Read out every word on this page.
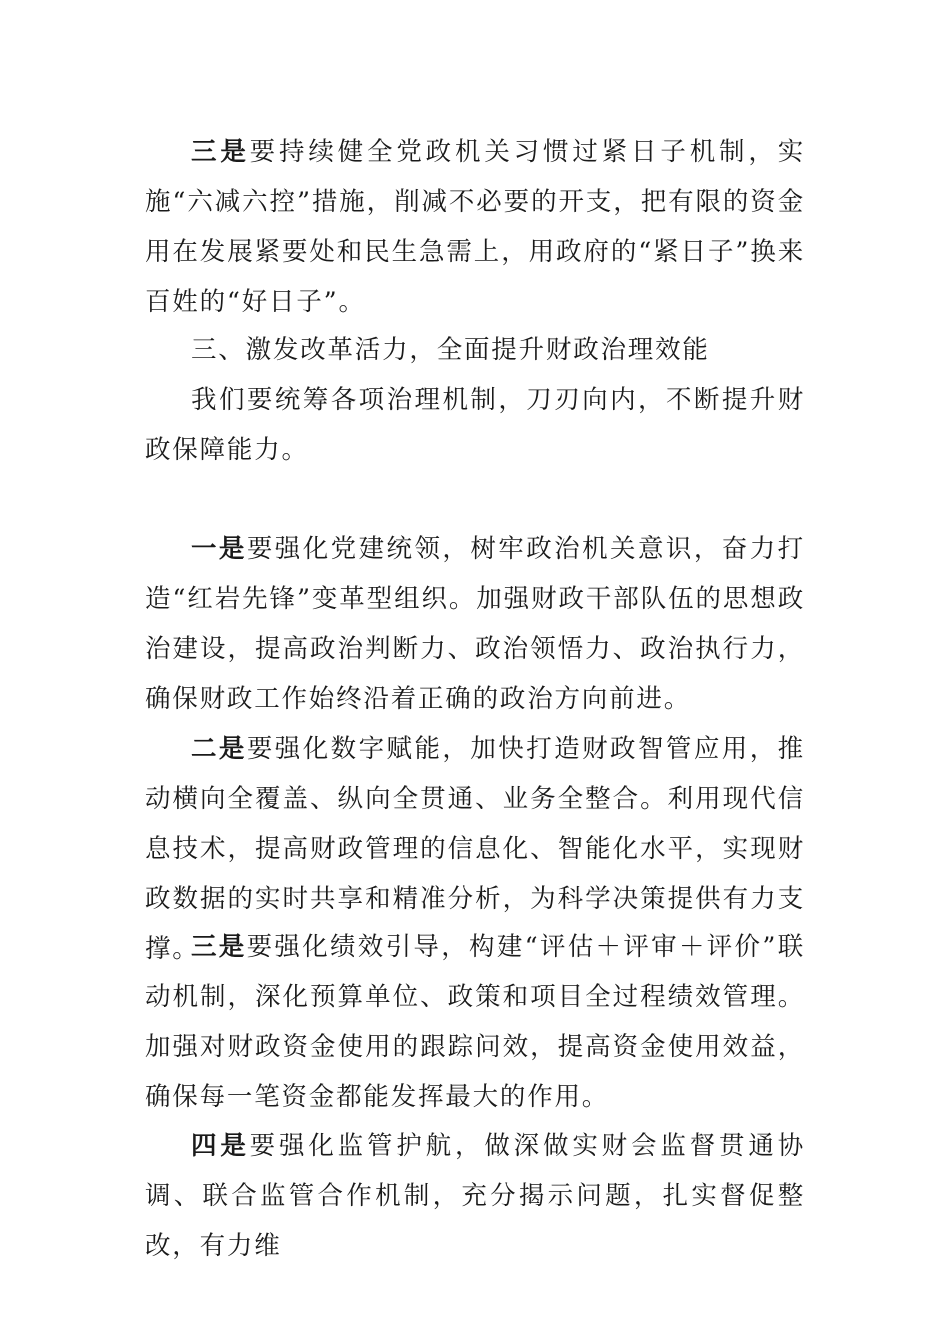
三是要持续健全党政机关习惯过紧日子机制，实施“六减六控”措施，削减不必要的开支，把有限的资金用在发展紧要处和民生急需上，用政府的“紧日子”换来百姓的“好日子”。

三、激发改革活力，全面提升财政治理效能

我们要统筹各项治理机制，刀刃向内，不断提升财政保障能力。

一是要强化党建统领，树牢政治机关意识，奋力打造“红岩先锋”变革型组织。加强财政干部队伍的思想政治建设，提高政治判断力、政治领悟力、政治执行力，确保财政工作始终沿着正确的政治方向前进。

二是要强化数字赋能，加快打造财政智管应用，推动横向全覆盖、纵向全贯通、业务全整合。利用现代信息技术，提高财政管理的信息化、智能化水平，实现财政数据的实时共享和精准分析，为科学决策提供有力支撑。

三是要强化绩效引导，构建“评估＋评审＋评价”联动机制，深化预算单位、政策和项目全过程绩效管理。加强对财政资金使用的跟踪问效，提高资金使用效益，确保每一笔资金都能发挥最大的作用。

四是要强化监管护航，做深做实财会监督贯通协调、联合监管合作机制，充分揭示问题，扎实督促整改，有力维
